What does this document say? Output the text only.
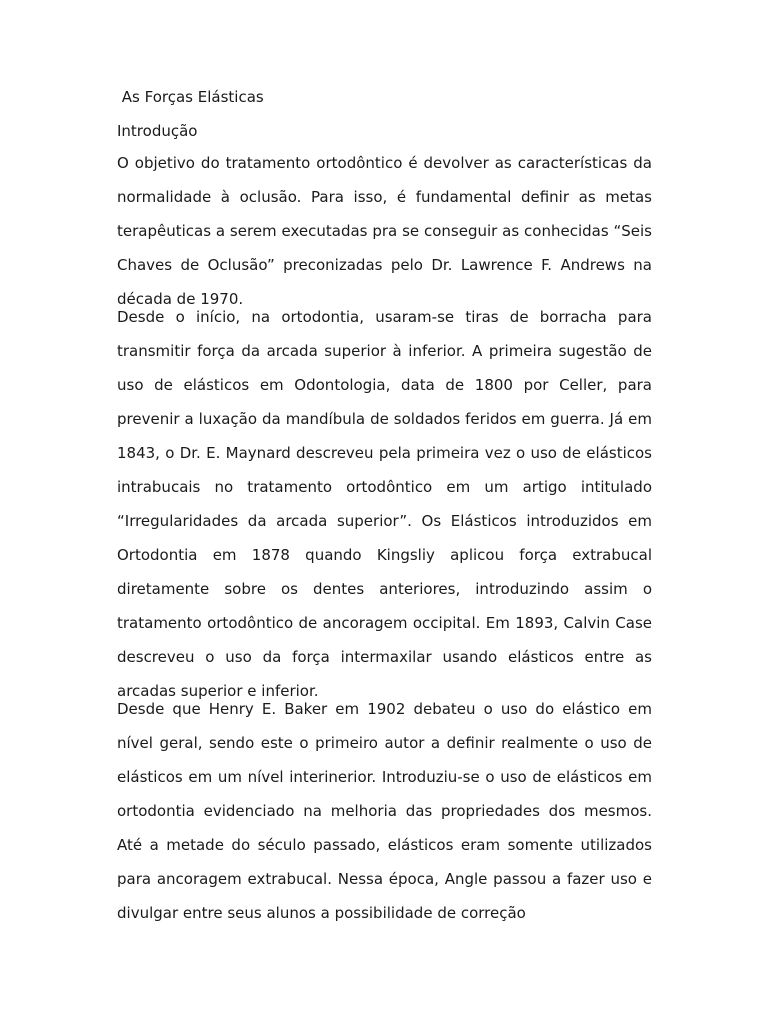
As Forças Elásticas
Introdução

O objetivo do tratamento ortodôntico é devolver as características da normalidade à oclusão. Para isso, é fundamental definir as metas terapêuticas a serem executadas pra se conseguir as conhecidas “Seis Chaves de Oclusão” preconizadas pelo Dr. Lawrence F. Andrews na década de 1970.

Desde o início, na ortodontia, usaram-se tiras de borracha para transmitir força da arcada superior à inferior. A primeira sugestão de uso de elásticos em Odontologia, data de 1800 por Celler, para prevenir a luxação da mandíbula de soldados feridos em guerra. Já em 1843, o Dr. E. Maynard descreveu pela primeira vez o uso de elásticos intrabucais no tratamento ortodôntico em um artigo intitulado “Irregularidades da arcada superior”. Os Elásticos introduzidos em Ortodontia em 1878 quando Kingsliy aplicou força extrabucal diretamente sobre os dentes anteriores, introduzindo assim o tratamento ortodôntico de ancoragem occipital. Em 1893, Calvin Case descreveu o uso da força intermaxilar usando elásticos entre as arcadas superior e inferior.

Desde que Henry E. Baker em 1902 debateu o uso do elástico em nível geral, sendo este o primeiro autor a definir realmente o uso de elásticos em um nível interinerior. Introduziu-se o uso de elásticos em ortodontia evidenciado na melhoria das propriedades dos mesmos. Até a metade do século passado, elásticos eram somente utilizados para ancoragem extrabucal. Nessa época, Angle passou a fazer uso e divulgar entre seus alunos a possibilidade de correção
